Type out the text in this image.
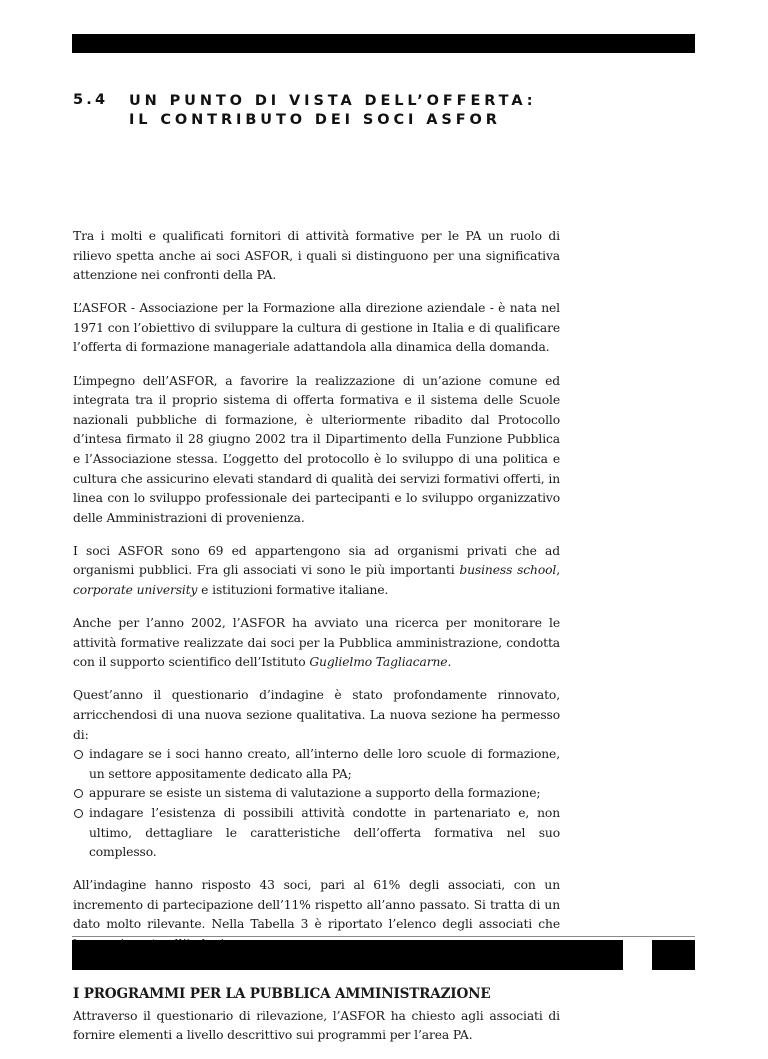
5.4 UN PUNTO DI VISTA DELL’OFFERTA:
IL CONTRIBUTO DEI SOCI ASFOR

Tra i molti e qualificati fornitori di attività formative per le PA un ruolo di rilievo spetta anche ai soci ASFOR, i quali si distinguono per una significativa attenzione nei confronti della PA.

L’ASFOR - Associazione per la Formazione alla direzione aziendale - è nata nel 1971 con l’obiettivo di sviluppare la cultura di gestione in Italia e di qualificare l’offerta di formazione manageriale adattandola alla dinamica della domanda.

L’impegno dell’ASFOR, a favorire la realizzazione di un’azione comune ed integrata tra il proprio sistema di offerta formativa e il sistema delle Scuole nazionali pubbliche di formazione, è ulteriormente ribadito dal Protocollo d’intesa firmato il 28 giugno 2002 tra il Dipartimento della Funzione Pubblica e l’Associazione stessa. L’oggetto del protocollo è lo sviluppo di una politica e cultura che assicurino elevati standard di qualità dei servizi formativi offerti, in linea con lo sviluppo professionale dei partecipanti e lo sviluppo organizzativo delle Amministrazioni di provenienza.

I soci ASFOR sono 69 ed appartengono sia ad organismi privati che ad organismi pubblici. Fra gli associati vi sono le più importanti business school, corporate university e istituzioni formative italiane.

Anche per l’anno 2002, l’ASFOR ha avviato una ricerca per monitorare le attività formative realizzate dai soci per la Pubblica amministrazione, condotta con il supporto scientifico dell’Istituto Guglielmo Tagliacarne.

Quest’anno il questionario d’indagine è stato profondamente rinnovato, arricchendosi di una nuova sezione qualitativa. La nuova sezione ha permesso di:

indagare se i soci hanno creato, all’interno delle loro scuole di formazione, un settore appositamente dedicato alla PA;
appurare se esiste un sistema di valutazione a supporto della formazione;
indagare l’esistenza di possibili attività condotte in partenariato e, non ultimo, dettagliare le caratteristiche dell’offerta formativa nel suo complesso.

All’indagine hanno risposto 43 soci, pari al 61% degli associati, con un incremento di partecipazione dell’11% rispetto all’anno passato. Si tratta di un dato molto rilevante. Nella Tabella 3 è riportato l’elenco degli associati che

I PROGRAMMI PER LA PUBBLICA AMMINISTRAZIONE

Attraverso il questionario di rilevazione, l’ASFOR ha chiesto agli associati di fornire elementi a livello descrittivo sui programmi per l’area PA.
